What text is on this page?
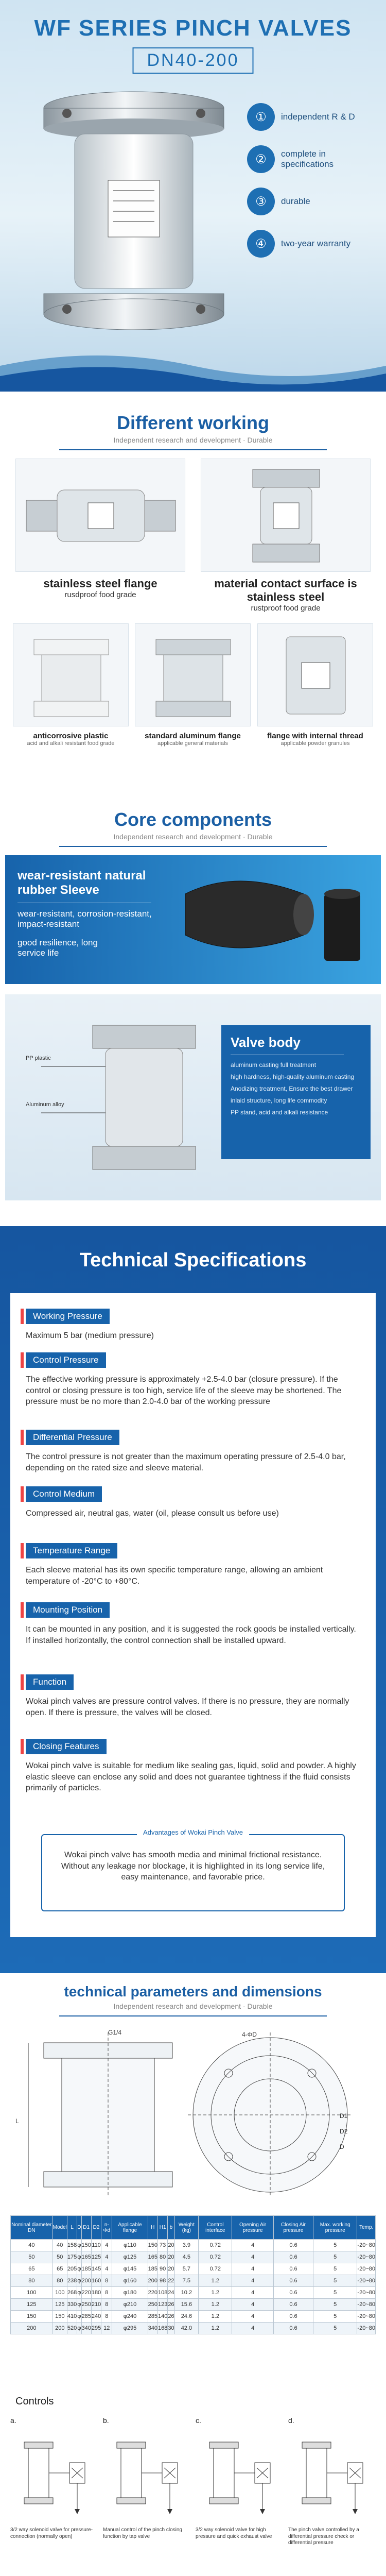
WF SERIES PINCH VALVES
DN40-200
①	independent R & D
②	complete in specifications
③	durable
④	two-year warranty
Different working
Independent research and development · Durable
stainless steel flange
rusdproof food grade
material contact surface is stainless steel
rustproof food grade
anticorrosive plastic
acid and alkali resistant food grade
standard aluminum flange
applicable general materials
flange with internal thread
applicable powder granules
Core components
Independent research and development · Durable
wear-resistant natural rubber Sleeve
wear-resistant, corrosion-resistant, impact-resistant
good resilience, long service life
PP plastic
Aluminum alloy
Valve body
aluminum casting full treatment
high hardness, high-quality aluminum casting
Anodizing treatment, Ensure the best drawer
inlaid structure, long life commodity
PP stand, acid and alkali resistance
Technical Specifications
Working Pressure
Maximum 5 bar (medium pressure)
Control Pressure
The effective working pressure is approximately +2.5-4.0 bar (closure pressure). If the control or closing pressure is too high, service life of the sleeve may be shortened. The pressure must be no more than 2.0-4.0 bar of the working pressure
Differential Pressure
The control pressure is not greater than the maximum operating pressure of 2.5-4.0 bar, depending on the rated size and sleeve material.
Control Medium
Compressed air, neutral gas, water (oil, please consult us before use)
Temperature Range
Each sleeve material has its own specific temperature range, allowing an ambient temperature of -20°C to +80°C.
Mounting Position
It can be mounted in any position, and it is suggested the rock goods be installed vertically. If installed horizontally, the control connection shall be installed upward.
Function
Wokai pinch valves are pressure control valves. If there is no pressure, they are normally open. If there is pressure, the valves will be closed.
Closing Features
Wokai pinch valve is suitable for medium like sealing gas, liquid, solid and powder. A highly elastic sleeve can enclose any solid and does not guarantee tightness if the fluid consists primarily of particles.
Advantages of Wokai Pinch Valve
Wokai pinch valve has smooth media and minimal frictional resistance. Without any leakage nor blockage, it is highlighted in its long service life, easy maintenance, and favorable price.
technical parameters and dimensions
Independent research and development · Durable
G1/4
L
4-ΦD
D1
D2
D
Nominal diameter DN	Model	L	D	D1	D2	n-Φd	Applicable flange	H	H1	b	Weight (kg)	Control interface	Opening Air pressure	Closing Air pressure	Max. working pressure	Temp.
40	40	158	φ	150	110	4	φ110	150	73	20	3.9	0.72	4	0.6	5	-20~80
50	50	175	φ	165	125	4	φ125	165	80	20	4.5	0.72	4	0.6	5	-20~80
65	65	205	φ	185	145	4	φ145	185	90	20	5.7	0.72	4	0.6	5	-20~80
80	80	238	φ	200	160	8	φ160	200	98	22	7.5	1.2	4	0.6	5	-20~80
100	100	268	φ	220	180	8	φ180	220	108	24	10.2	1.2	4	0.6	5	-20~80
125	125	330	φ	250	210	8	φ210	250	123	26	15.6	1.2	4	0.6	5	-20~80
150	150	410	φ	285	240	8	φ240	285	140	26	24.6	1.2	4	0.6	5	-20~80
200	200	520	φ	340	295	12	φ295	340	168	30	42.0	1.2	4	0.6	5	-20~80
Controls
a.
3/2 way solenoid valve for pressure-connection (normally open)
b.
Manual control of the pinch closing function by tap valve
c.
3/2 way solenoid valve for high pressure and quick exhaust valve
d.
The pinch valve controlled by a differential pressure check or differential pressure
